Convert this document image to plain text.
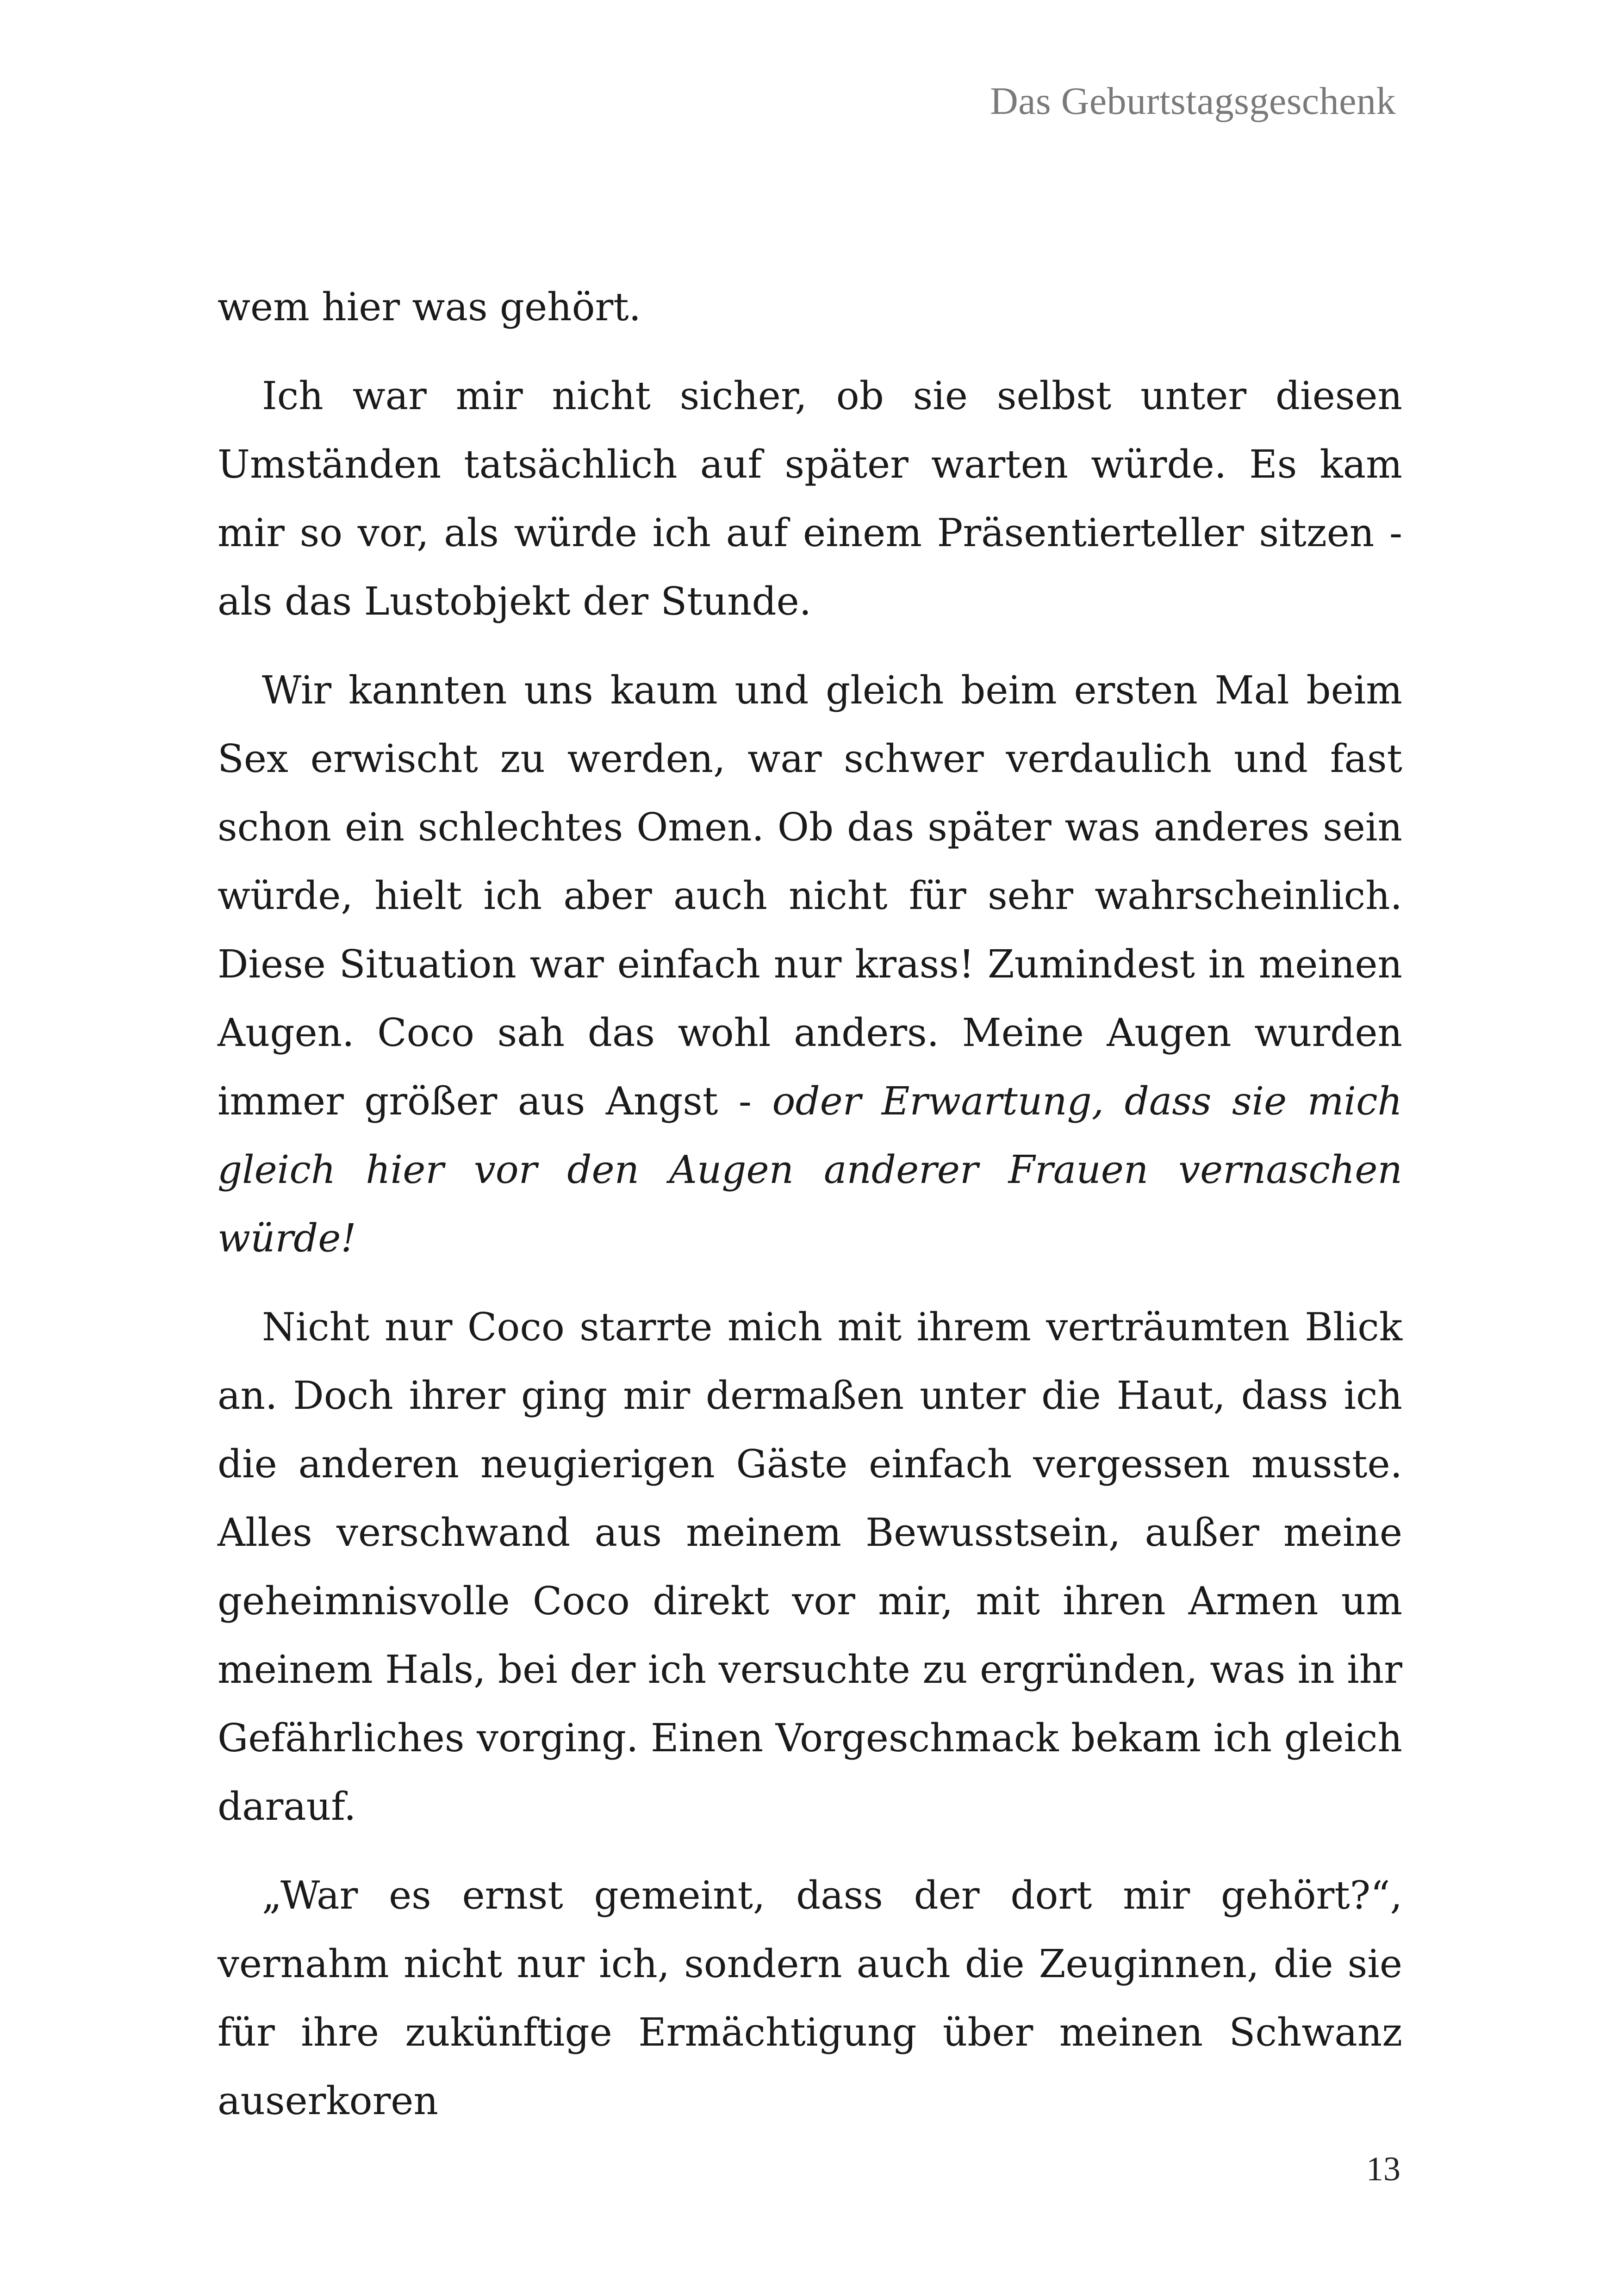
Das Geburtstagsgeschenk

wem hier was gehört.

Ich war mir nicht sicher, ob sie selbst unter diesen Umständen tatsächlich auf später warten würde. Es kam mir so vor, als würde ich auf einem Präsentierteller sitzen - als das Lustobjekt der Stunde.

Wir kannten uns kaum und gleich beim ersten Mal beim Sex erwischt zu werden, war schwer verdaulich und fast schon ein schlechtes Omen. Ob das später was anderes sein würde, hielt ich aber auch nicht für sehr wahrscheinlich. Diese Situation war einfach nur krass! Zumindest in meinen Augen. Coco sah das wohl anders. Meine Augen wurden immer größer aus Angst - oder Erwartung, dass sie mich gleich hier vor den Augen anderer Frauen vernaschen würde!

Nicht nur Coco starrte mich mit ihrem verträumten Blick an. Doch ihrer ging mir dermaßen unter die Haut, dass ich die anderen neugierigen Gäste einfach vergessen musste. Alles verschwand aus meinem Bewusstsein, außer meine geheimnisvolle Coco direkt vor mir, mit ihren Armen um meinem Hals, bei der ich versuchte zu ergründen, was in ihr Gefährliches vorging. Einen Vorgeschmack bekam ich gleich darauf.

„War es ernst gemeint, dass der dort mir gehört?“, vernahm nicht nur ich, sondern auch die Zeuginnen, die sie für ihre zukünftige Ermächtigung über meinen Schwanz auserkoren

13
